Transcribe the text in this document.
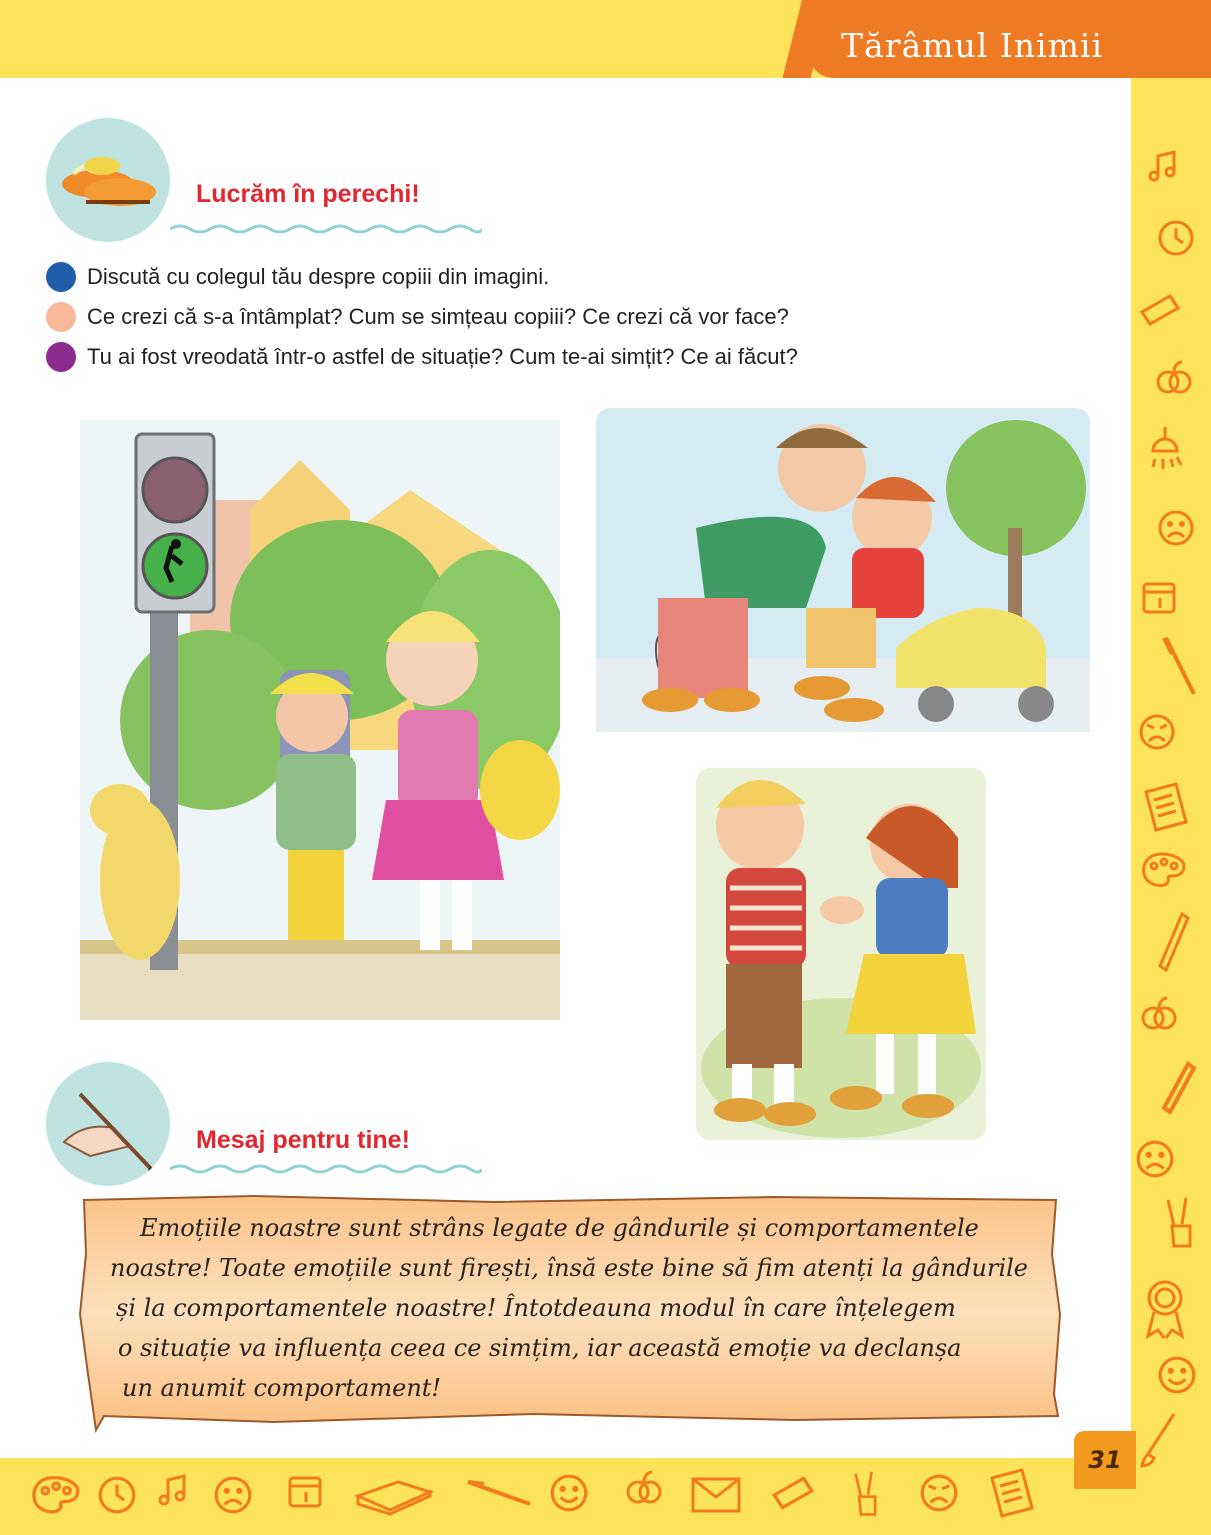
Tărâmul Inimii
31
Lucrăm în perechi!
Discută cu colegul tău despre copiii din imagini.
Ce crezi că s-a întâmplat? Cum se simțeau copiii? Ce crezi că vor face?
Tu ai fost vreodată într-o astfel de situație? Cum te-ai simțit? Ce ai făcut?
Mesaj pentru tine!
Emoțiile noastre sunt strâns legate de gândurile și comportamentele
noastre! Toate emoțiile sunt firești, însă este bine să fim atenți la gândurile
și la comportamentele noastre! Întotdeauna modul în care înțelegem
o situație va influența ceea ce simțim, iar această emoție va declanșa
un anumit comportament!
